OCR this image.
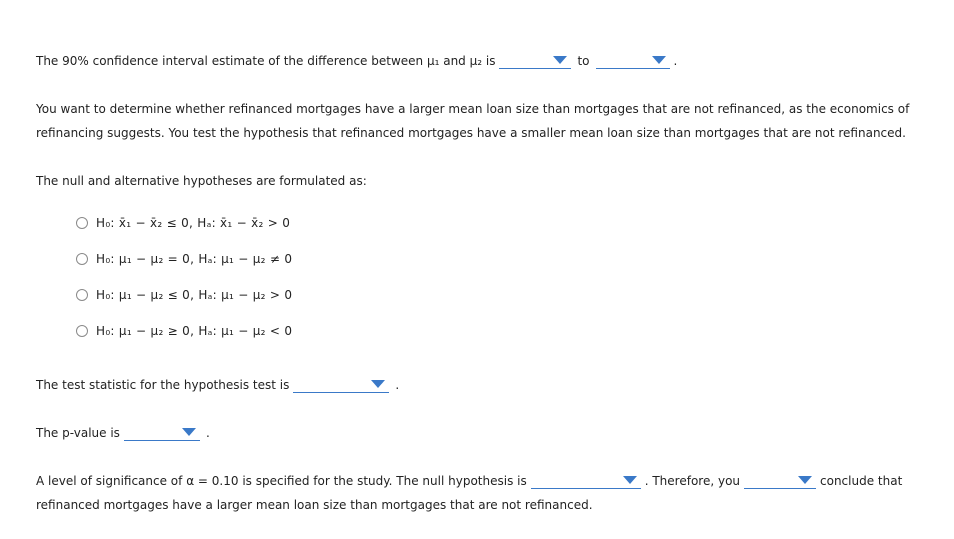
The 90% confidence interval estimate of the difference between μ₁ and μ₂ is	to	.
You want to determine whether refinanced mortgages have a larger mean loan size than mortgages that are not refinanced, as the economics of refinancing suggests. You test the hypothesis that refinanced mortgages have a smaller mean loan size than mortgages that are not refinanced.
The null and alternative hypotheses are formulated as:
H₀: x̄₁ − x̄₂ ≤ 0, Hₐ: x̄₁ − x̄₂ > 0
H₀: μ₁ − μ₂ = 0, Hₐ: μ₁ − μ₂ ≠ 0
H₀: μ₁ − μ₂ ≤ 0, Hₐ: μ₁ − μ₂ > 0
H₀: μ₁ − μ₂ ≥ 0, Hₐ: μ₁ − μ₂ < 0
The test statistic for the hypothesis test is	.
The p-value is	.
A level of significance of α = 0.10 is specified for the study. The null hypothesis is	. Therefore, you	conclude that
refinanced mortgages have a larger mean loan size than mortgages that are not refinanced.
